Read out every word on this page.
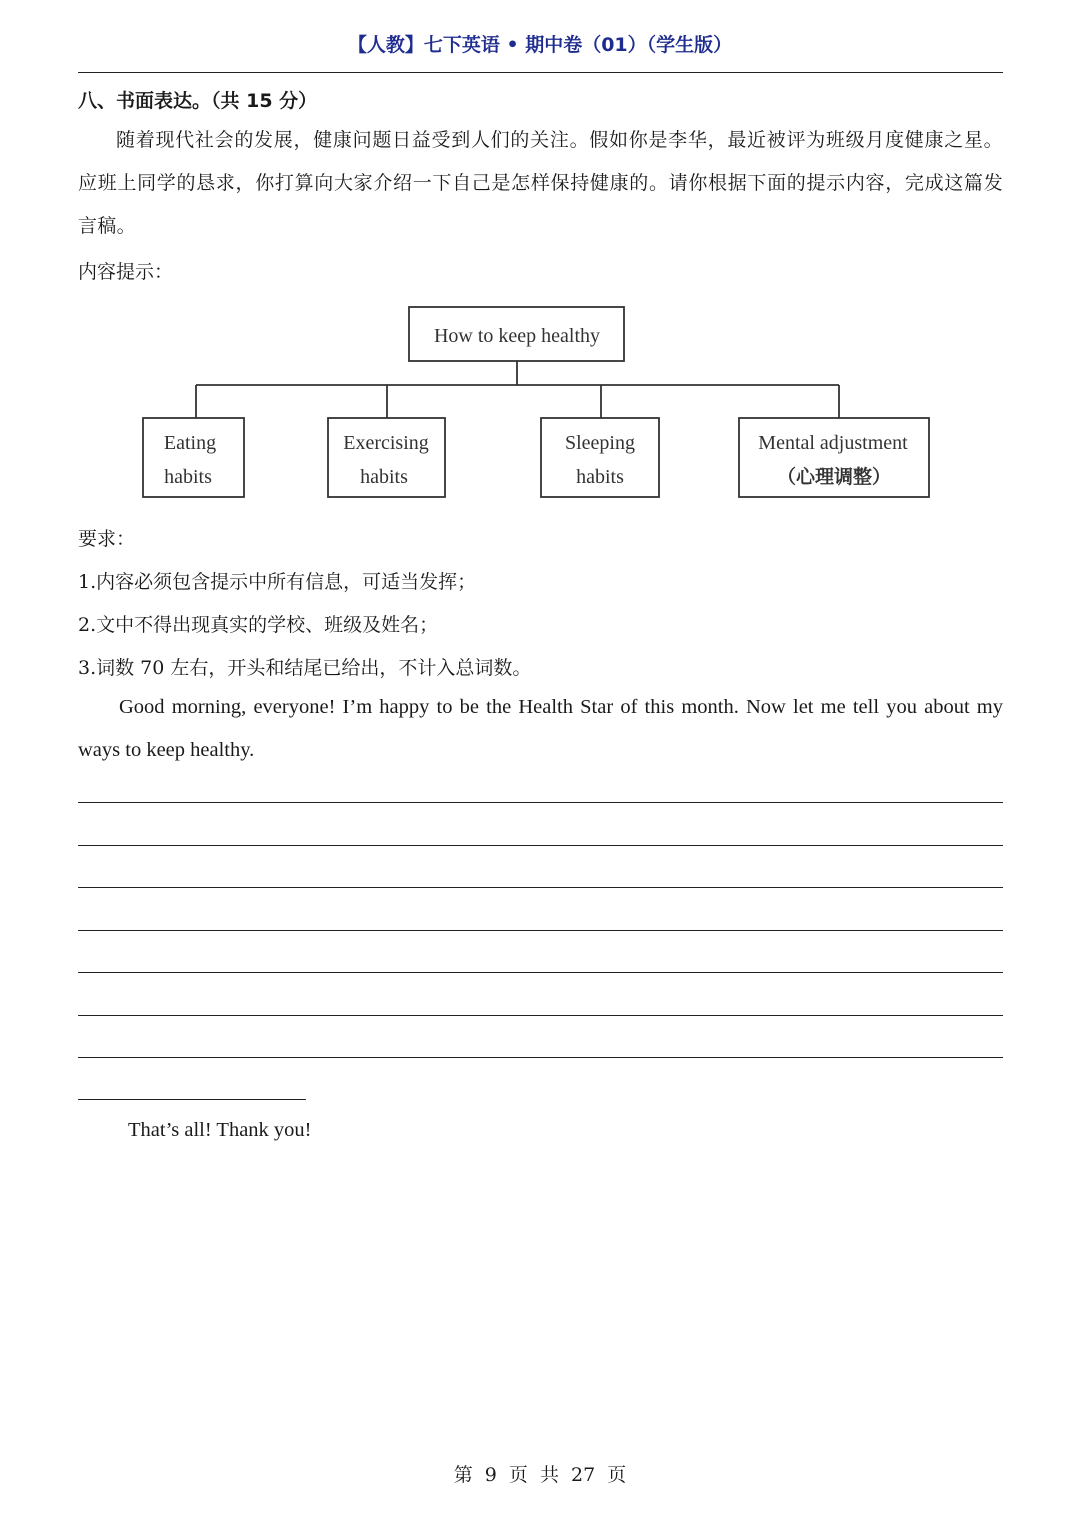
【人教】七下英语 • 期中卷（01）（学生版）
八、书面表达。（共 15 分）
随着现代社会的发展，健康问题日益受到人们的关注。假如你是李华，最近被评为班级月度健康之星。应班上同学的恳求，你打算向大家介绍一下自己是怎样保持健康的。请你根据下面的提示内容，完成这篇发言稿。
内容提示：
How to keep healthy
Eating
habits
Exercising
habits
Sleeping
habits
Mental adjustment
（心理调整）
要求：
1.内容必须包含提示中所有信息，可适当发挥；
2.文中不得出现真实的学校、班级及姓名；
3.词数 70 左右，开头和结尾已给出，不计入总词数。
Good morning, everyone! I’m happy to be the Health Star of this month. Now let me tell you about my ways to keep healthy.
That’s all! Thank you!
第 9 页 共 27 页
